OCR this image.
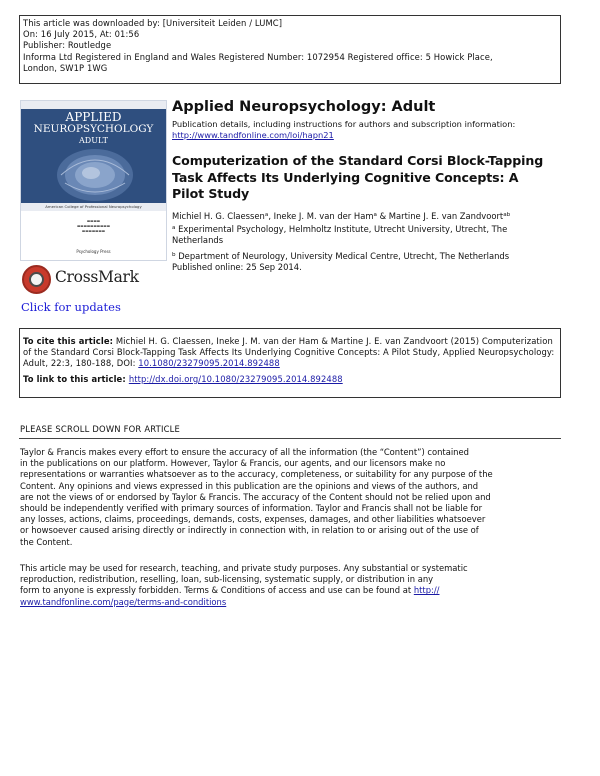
This article was downloaded by: [Universiteit Leiden / LUMC]
On: 16 July 2015, At: 01:56
Publisher: Routledge
Informa Ltd Registered in England and Wales Registered Number: 1072954 Registered office: 5 Howick Place,
London, SW1P 1WG

APPLIED
NEUROPSYCHOLOGY
ADULT
American College of Professional Neuropsychology
▬▬▬▬
▬▬▬▬▬▬▬▬▬▬
▬▬▬▬▬▬▬
Psychology Press
CrossMark
Click for updates
Applied Neuropsychology: Adult
Publication details, including instructions for authors and subscription information:
http://www.tandfonline.com/loi/hapn21
Computerization of the Standard Corsi Block-Tapping Task Affects Its Underlying Cognitive Concepts: A Pilot Study
Michiel H. G. Claessen$^a$, Ineke J. M. van der Ham$^a$ & Martine J. E. van Zandvoort$^{ab}$
$^a$ Experimental Psychology, Helmholtz Institute, Utrecht University, Utrecht, The Netherlands
$^b$ Department of Neurology, University Medical Centre, Utrecht, The Netherlands
Published online: 25 Sep 2014.
To cite this article: Michiel H. G. Claessen, Ineke J. M. van der Ham & Martine J. E. van Zandvoort (2015) Computerization of the Standard Corsi Block-Tapping Task Affects Its Underlying Cognitive Concepts: A Pilot Study, Applied Neuropsychology: Adult, 22:3, 180-188, DOI: 10.1080/23279095.2014.892488
To link to this article: http://dx.doi.org/10.1080/23279095.2014.892488
PLEASE SCROLL DOWN FOR ARTICLE
Taylor & Francis makes every effort to ensure the accuracy of all the information (the “Content”) contained
in the publications on our platform. However, Taylor & Francis, our agents, and our licensors make no
representations or warranties whatsoever as to the accuracy, completeness, or suitability for any purpose of the
Content. Any opinions and views expressed in this publication are the opinions and views of the authors, and
are not the views of or endorsed by Taylor & Francis. The accuracy of the Content should not be relied upon and
should be independently verified with primary sources of information. Taylor and Francis shall not be liable for
any losses, actions, claims, proceedings, demands, costs, expenses, damages, and other liabilities whatsoever
or howsoever caused arising directly or indirectly in connection with, in relation to or arising out of the use of
the Content.
This article may be used for research, teaching, and private study purposes. Any substantial or systematic
reproduction, redistribution, reselling, loan, sub-licensing, systematic supply, or distribution in any
form to anyone is expressly forbidden. Terms & Conditions of access and use can be found at http://
www.tandfonline.com/page/terms-and-conditions
